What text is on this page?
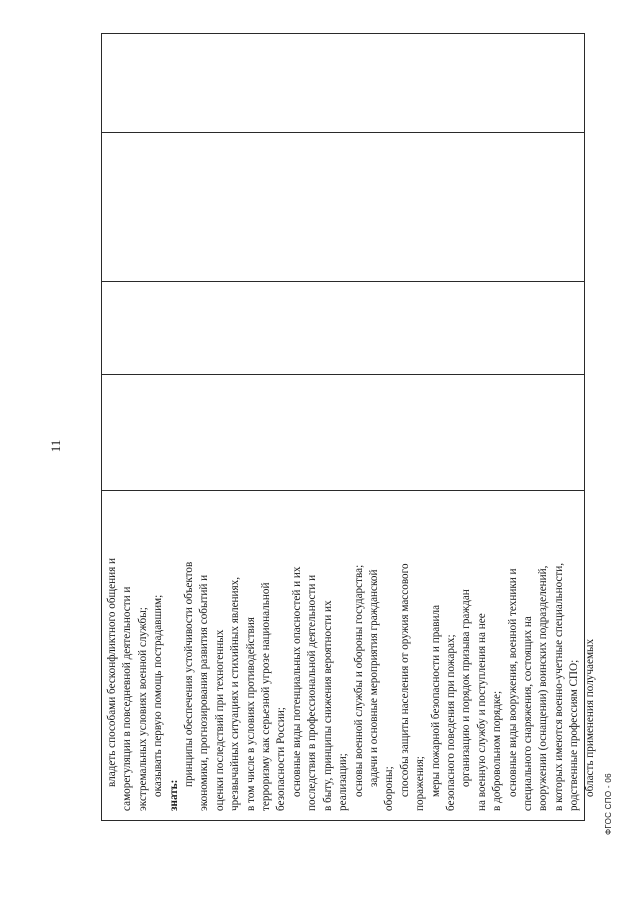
11
владеть способами бесконфликтного общения и саморегуляции в повседневной деятельности и экстремальных условиях военной службы; оказывать первую помощь пострадавшим; знать:
принципы обеспечения устойчивости объектов экономики, прогнозирования развития событий и оценки последствий при техногенных чрезвычайных ситуациях и стихийных явлениях, в том числе в условиях противодействия терроризму как серьезной угрозе национальной безопасности России; основные виды потенциальных опасностей и их последствия в профессиональной деятельности и в быту, принципы снижения вероятности их реализации; основы военной службы и обороны государства; задачи и основные мероприятия гражданской
обороны; способы защиты населения от оружия массового поражения; меры пожарной безопасности и правила безопасного поведения при пожарах; организацию и порядок призыва граждан на военную службу и поступления на нее в добровольном порядке; основные виды вооружения, военной техники и специального снаряжения, состоящих на вооружении (оснащении) воинских подразделений, в которых имеются военно-учетные специальности, родственные профессиям СПО; область применения получаемых
ФГОС СПО - 06
